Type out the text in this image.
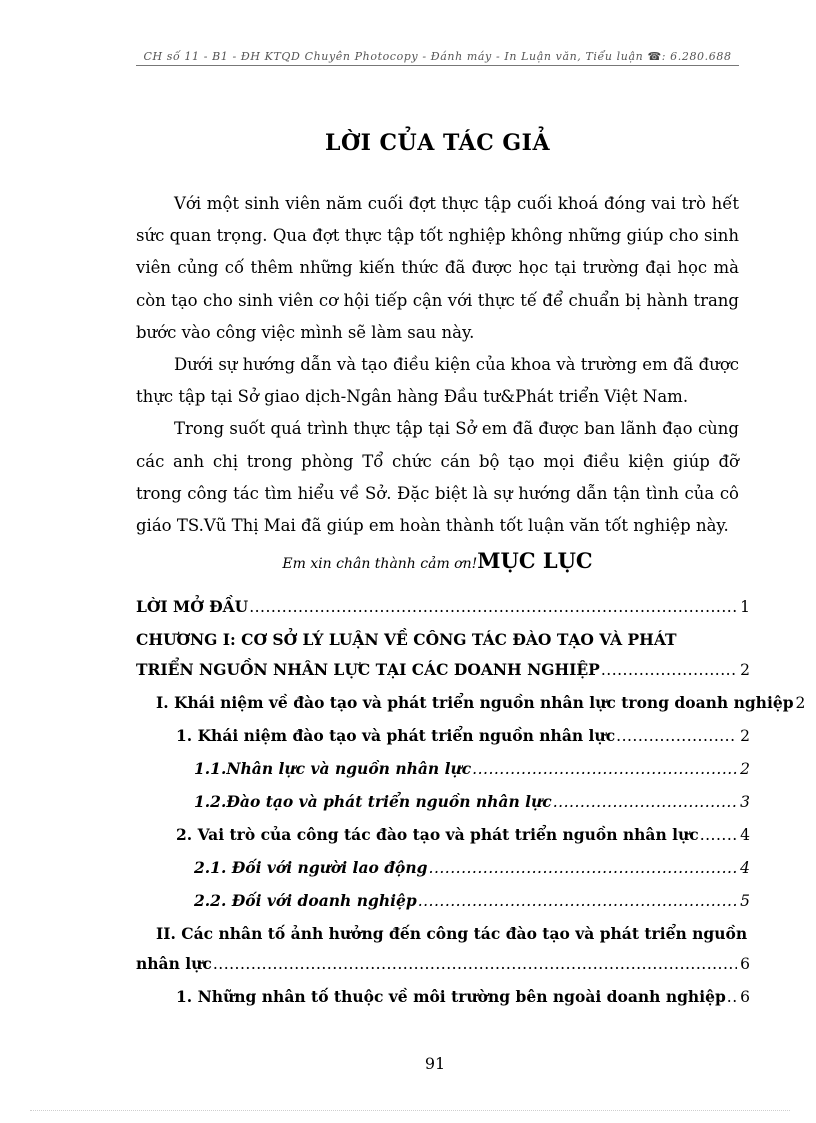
CH số 11 - B1 - ĐH KTQD Chuyên Photocopy - Đánh máy - In Luận văn, Tiểu luận ☎: 6.280.688
LỜI CỦA TÁC GIẢ

Với một sinh viên năm cuối đợt thực tập cuối khoá đóng vai trò hết sức quan trọng. Qua đợt thực tập tốt nghiệp không những giúp cho sinh viên củng cố thêm những kiến thức đã được học tại trường đại học mà còn tạo cho sinh viên cơ hội tiếp cận với thực tế để chuẩn bị hành trang bước vào công việc mình sẽ làm sau này.

Dưới sự hướng dẫn và tạo điều kiện của khoa và trường em đã được thực tập tại Sở giao dịch-Ngân hàng Đầu tư&Phát triển Việt Nam.

Trong suốt quá trình thực tập tại Sở em đã được ban lãnh đạo cùng các anh chị trong phòng Tổ chức cán bộ tạo mọi điều kiện giúp đỡ trong công tác tìm hiểu về Sở. Đặc biệt là sự hướng dẫn tận tình của cô giáo TS.Vũ Thị Mai đã giúp em hoàn thành tốt luận văn tốt nghiệp này.

Em xin chân thành cảm ơn!MỤC LỤC
LỜI MỞ ĐẦU .....	1
CHƯƠNG I: CƠ SỞ LÝ LUẬN VỀ CÔNG TÁC ĐÀO TẠO VÀ PHÁT
TRIỂN NGUỒN NHÂN LỰC TẠI CÁC DOANH NGHIỆP .....	2
I. Khái niệm về đào tạo và phát triển nguồn nhân lực trong doanh nghiệp 2
1. Khái niệm đào tạo và phát triển nguồn nhân lực .....	2
1.1.Nhân lực và nguồn nhân lực .....	2
1.2.Đào tạo và phát triển nguồn nhân lực .....	3
2. Vai trò của công tác đào tạo và phát triển nguồn nhân lực .....	4
2.1. Đối với người lao động .....	4
2.2. Đối với doanh nghiệp .....	5
II. Các nhân tố ảnh hưởng đến công tác đào tạo và phát triển nguồn
nhân lực .....	6
1. Những nhân tố thuộc về môi trường bên ngoài doanh nghiệp ..... 6
91
